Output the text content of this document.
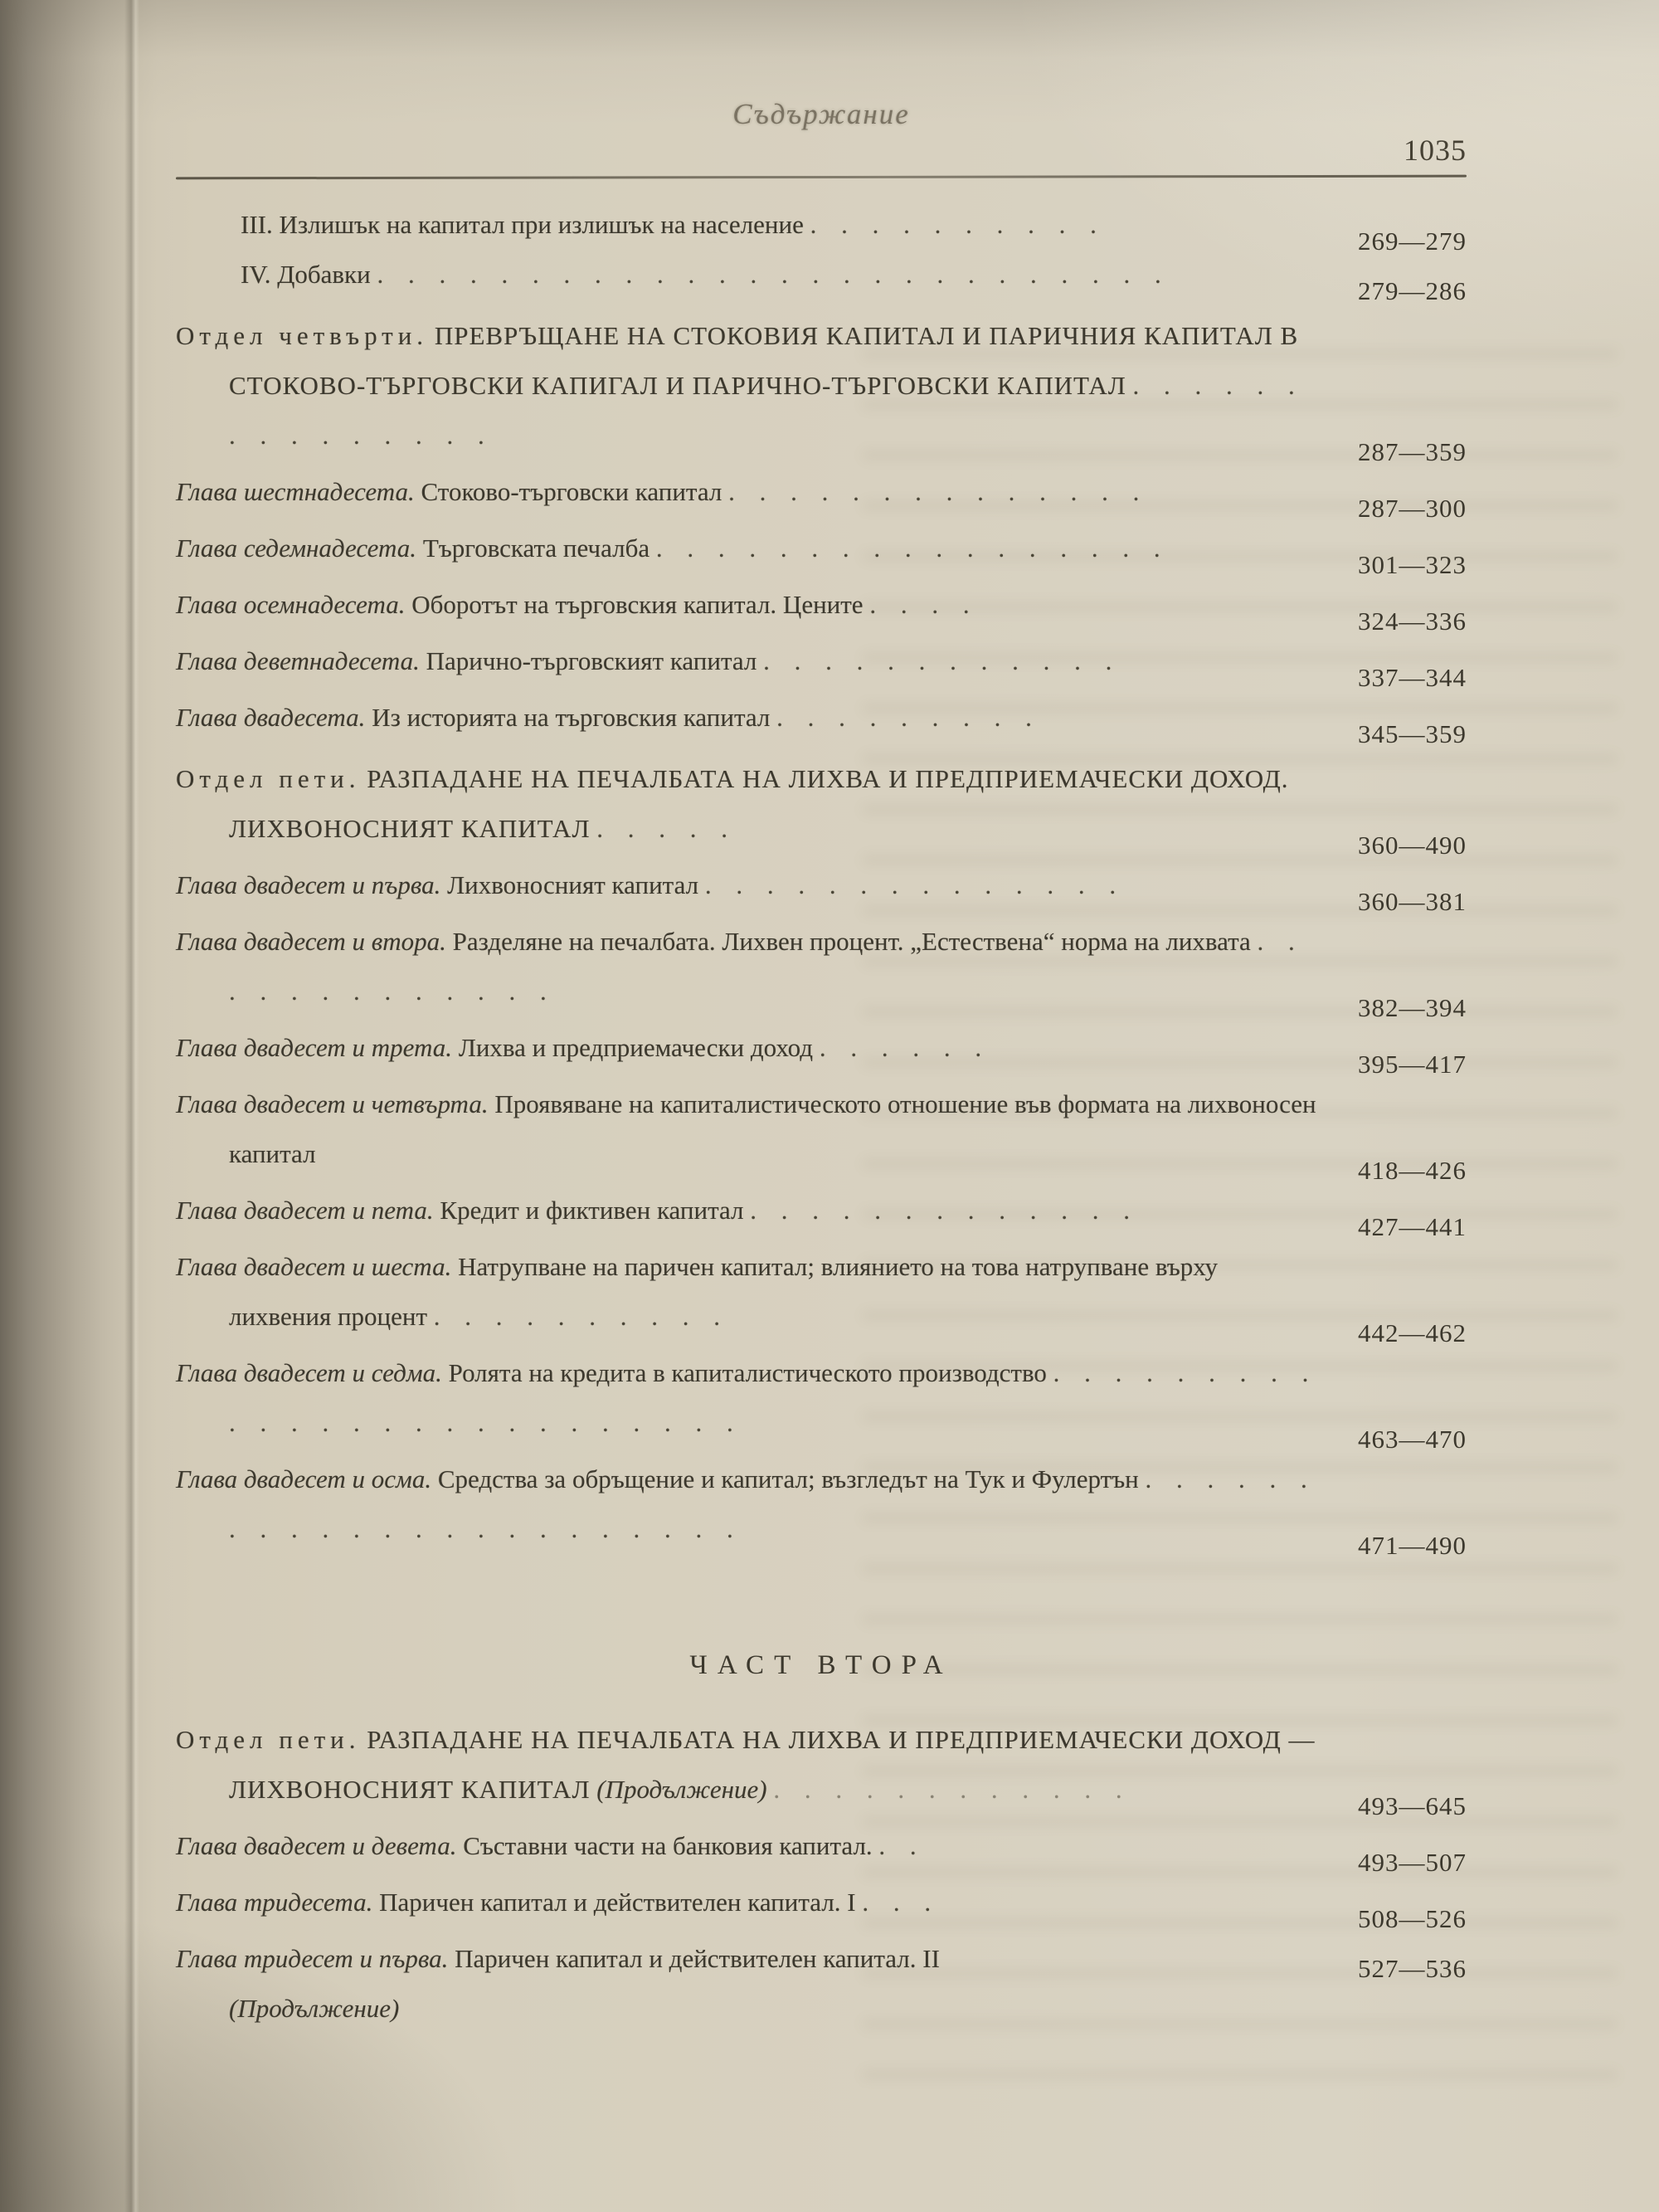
Съдържание
1035
III. Излишък на капитал при излишък на население . . . . . . . . . .
269—279
IV. Добавки . . . . . . . . . . . . . . . . . . . . . . . . . .
279—286
Отдел четвърти. ПРЕВРЪЩАНЕ НА СТОКОВИЯ КАПИТАЛ И ПАРИЧНИЯ КАПИТАЛ В СТОКОВО-ТЪРГОВСКИ КАПИГАЛ И ПАРИЧНО-ТЪРГОВСКИ КАПИТАЛ . . . . . . . . . . . . . . .
287—359
Глава шестнадесета. Стоково-търговски капитал . . . . . . . . . . . . . .
287—300
Глава седемнадесета. Търговската печалба . . . . . . . . . . . . . . . . .
301—323
Глава осемнадесета. Оборотът на търговския капитал. Цените . . . .
324—336
Глава деветнадесета. Парично-търговският капитал . . . . . . . . . . . .
337—344
Глава двадесета. Из историята на търговския капитал . . . . . . . . .
345—359
Отдел пети. РАЗПАДАНЕ НА ПЕЧАЛБАТА НА ЛИХВА И ПРЕДПРИЕМАЧЕСКИ ДОХОД. ЛИХВОНОСНИЯТ КАПИТАЛ . . . . .
360—490
Глава двадесет и първа. Лихвоносният капитал . . . . . . . . . . . . . .
360—381
Глава двадесет и втора. Разделяне на печалбата. Лихвен процент. „Естествена“ норма на лихвата . . . . . . . . . . . . .
382—394
Глава двадесет и трета. Лихва и предприемачески доход . . . . . .
395—417
Глава двадесет и четвърта. Проявяване на капиталистическото отношение във формата на лихвоносен капитал
418—426
Глава двадесет и пета. Кредит и фиктивен капитал . . . . . . . . . . . . .
427—441
Глава двадесет и шеста. Натрупване на паричен капитал; влиянието на това натрупване върху лихвения процент . . . . . . . . . .
442—462
Глава двадесет и седма. Ролята на кредита в капиталистическото производство . . . . . . . . . . . . . . . . . . . . . . . . . .
463—470
Глава двадесет и осма. Средства за обръщение и капитал; възгледът на Тук и Фулертън . . . . . . . . . . . . . . . . . . . . . . .
471—490
ЧАСТ ВТОРА
Отдел пети. РАЗПАДАНЕ НА ПЕЧАЛБАТА НА ЛИХВА И ПРЕДПРИЕМАЧЕСКИ ДОХОД — ЛИХВОНОСНИЯТ КАПИТАЛ (Продължение) . . . . . . . . . . . .
493—645
Глава двадесет и девета. Съставни части на банковия капитал. . .
493—507
Глава тридесета. Паричен капитал и действителен капитал. I . . .
508—526
Глава тридесет и първа. Паричен капитал и действителен капитал. II
(Продължение)
527—536
